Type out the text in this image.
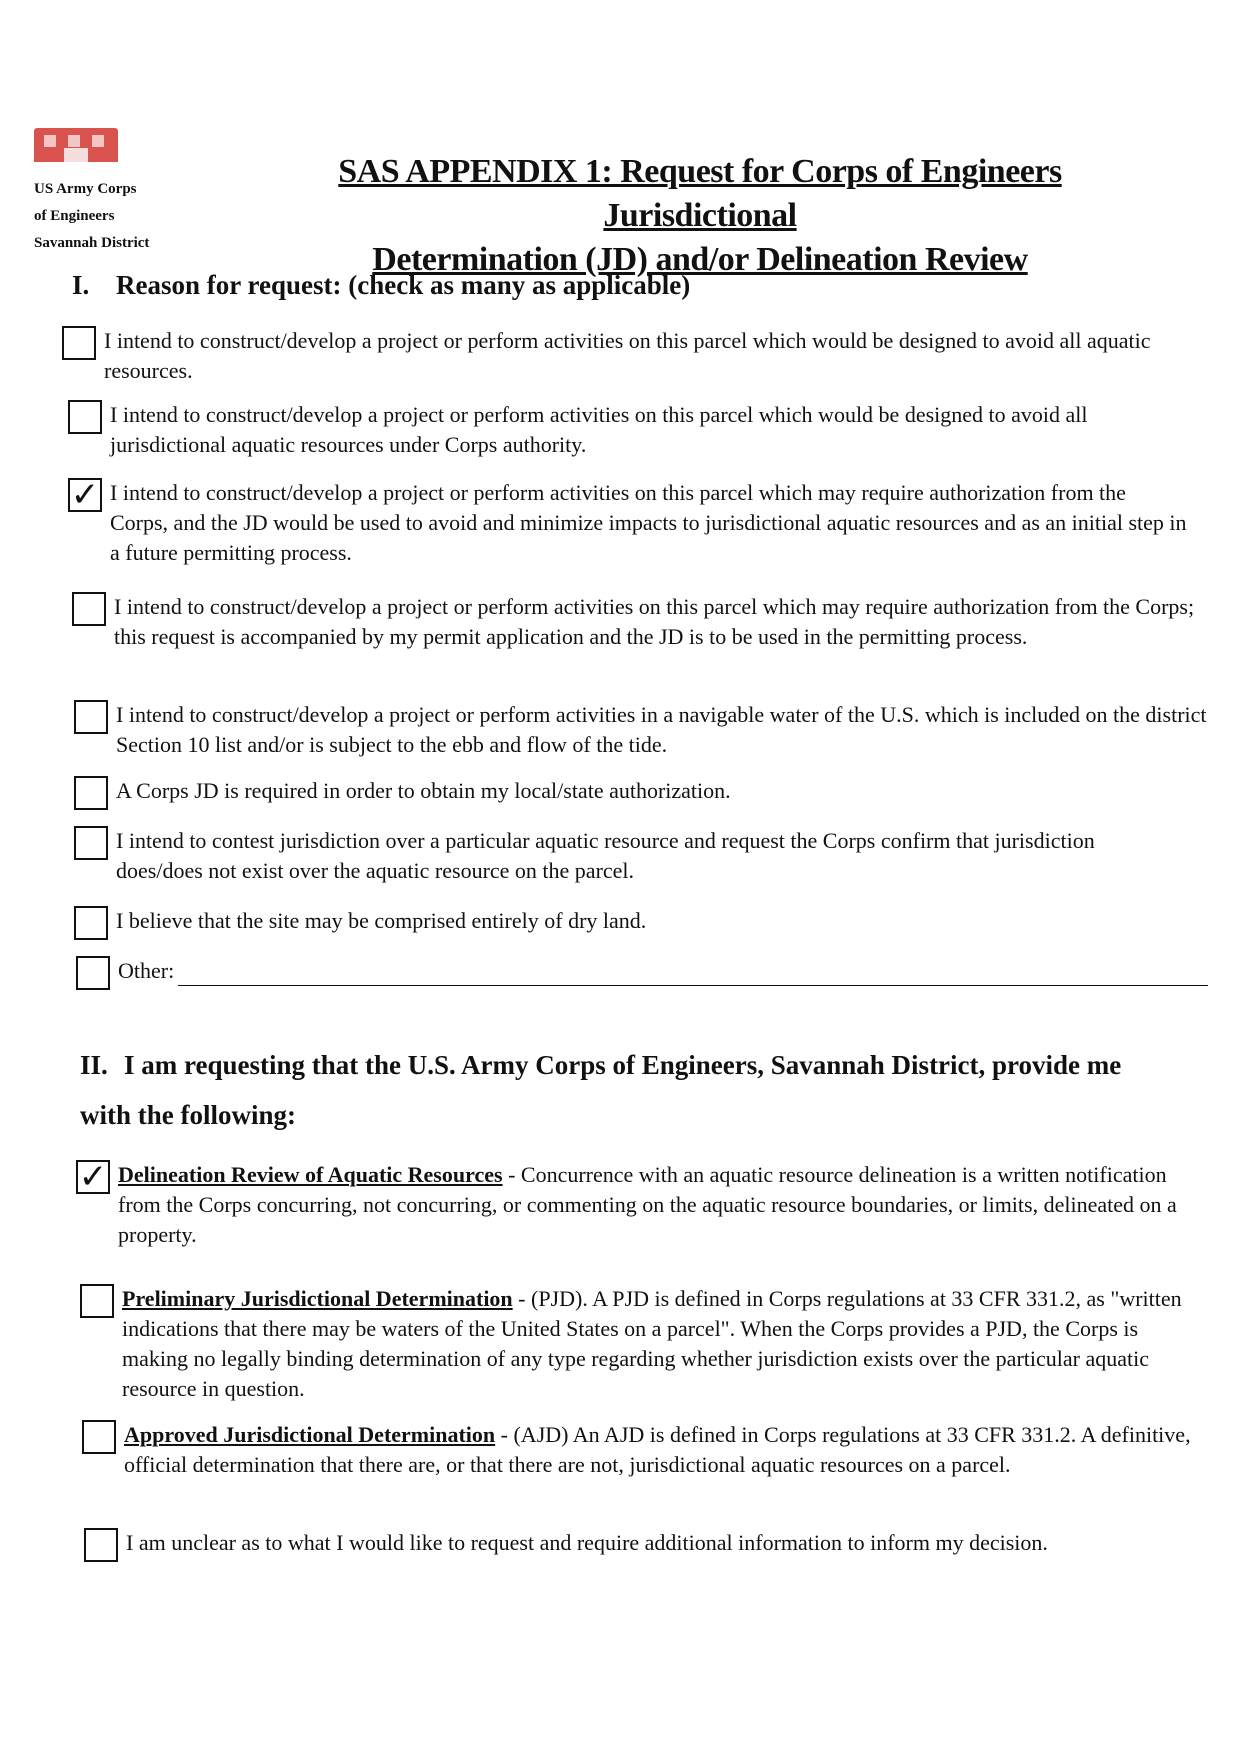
US Army Corps
of Engineers
Savannah District
SAS APPENDIX 1: Request for Corps of Engineers Jurisdictional
Determination (JD) and/or Delineation Review
I. Reason for request: (check as many as applicable)
I intend to construct/develop a project or perform activities on this parcel which would be designed to avoid all aquatic resources.
I intend to construct/develop a project or perform activities on this parcel which would be designed to avoid all jurisdictional aquatic resources under Corps authority.
✓ I intend to construct/develop a project or perform activities on this parcel which may require authorization from the Corps, and the JD would be used to avoid and minimize impacts to jurisdictional aquatic resources and as an initial step in a future permitting process.
I intend to construct/develop a project or perform activities on this parcel which may require authorization from the Corps; this request is accompanied by my permit application and the JD is to be used in the permitting process.
I intend to construct/develop a project or perform activities in a navigable water of the U.S. which is included on the district Section 10 list and/or is subject to the ebb and flow of the tide.
A Corps JD is required in order to obtain my local/state authorization.
I intend to contest jurisdiction over a particular aquatic resource and request the Corps confirm that jurisdiction does/does not exist over the aquatic resource on the parcel.
I believe that the site may be comprised entirely of dry land.
Other:
II. I am requesting that the U.S. Army Corps of Engineers, Savannah District, provide me with the following:
✓ Delineation Review of Aquatic Resources - Concurrence with an aquatic resource delineation is a written notification from the Corps concurring, not concurring, or commenting on the aquatic resource boundaries, or limits, delineated on a property.
Preliminary Jurisdictional Determination - (PJD). A PJD is defined in Corps regulations at 33 CFR 331.2, as "written indications that there may be waters of the United States on a parcel". When the Corps provides a PJD, the Corps is making no legally binding determination of any type regarding whether jurisdiction exists over the particular aquatic resource in question.
Approved Jurisdictional Determination - (AJD) An AJD is defined in Corps regulations at 33 CFR 331.2. A definitive, official determination that there are, or that there are not, jurisdictional aquatic resources on a parcel.
I am unclear as to what I would like to request and require additional information to inform my decision.
